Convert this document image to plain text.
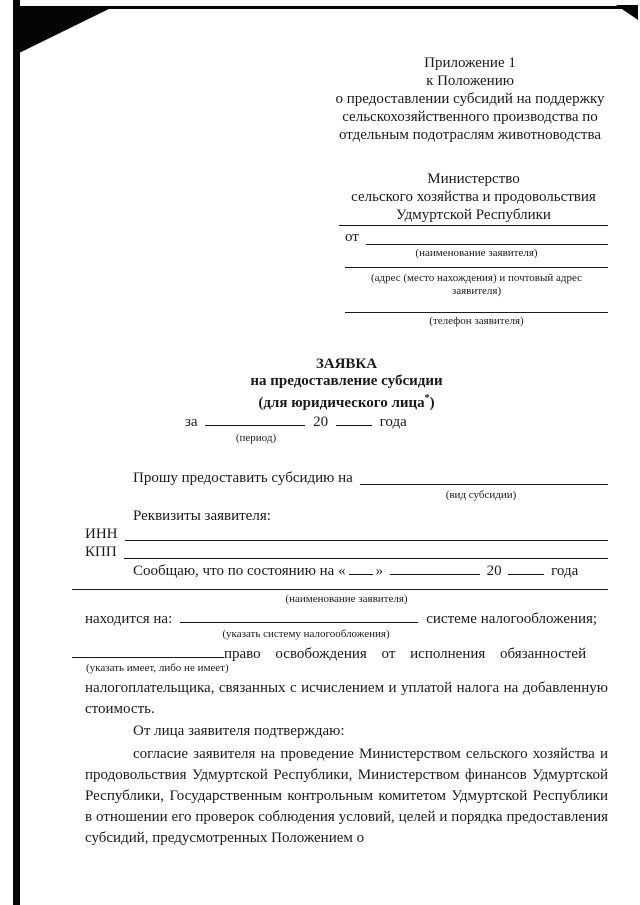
Приложение 1
к Положению
о предоставлении субсидий на поддержку
сельскохозяйственного производства по
отдельным подотраслям животноводства
Министерство
сельского хозяйства и продовольствия
Удмуртской Республики
от
(наименование заявителя)
(адрес (место нахождения) и почтовый адрес
заявителя)
(телефон заявителя)
ЗАЯВКА
на предоставление субсидии
(для юридического лица*)
за	20	года
(период)
Прошу предоставить субсидию на
(вид субсидии)
Реквизиты заявителя:
ИНН
КПП
Сообщаю, что по состоянию на « »	20	года
(наименование заявителя)
находится на:	системе налогообложения;
(указать систему налогообложения)
право освобождения от исполнения обязанностей
(указать имеет, либо не имеет)
налогоплательщика, связанных с исчислением и уплатой налога на добавленную стоимость.
От лица заявителя подтверждаю:
согласие заявителя на проведение Министерством сельского хозяйства и продовольствия Удмуртской Республики, Министерством финансов Удмуртской Республики, Государственным контрольным комитетом Удмуртской Республики в отношении его проверок соблюдения условий, целей и порядка предоставления субсидий, предусмотренных Положением о
